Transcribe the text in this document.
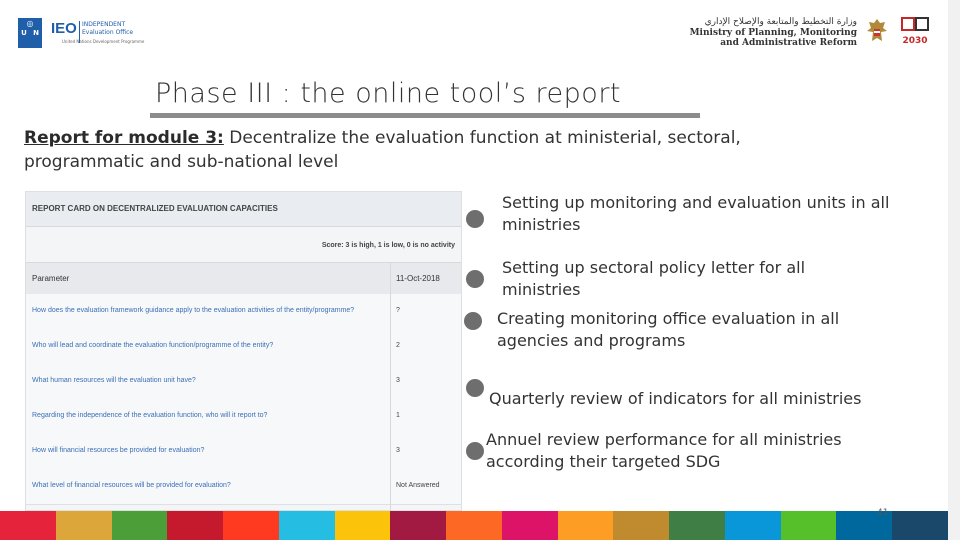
◎
U N IEO INDEPENDENT
Evaluation Office
United Nations Development Programme
وزارة التخطيط والمتابعة والإصلاح الإداري
Ministry of Planning, Monitoring
and Administrative Reform	2030
Phase III : the online tool’s report
Report for module 3: Decentralize the evaluation function at ministerial, sectoral, programmatic and sub-national level
REPORT CARD ON DECENTRALIZED EVALUATION CAPACITIES
Score: 3 is high, 1 is low, 0 is no activity
Parameter	11-Oct-2018
How does the evaluation framework guidance apply to the evaluation activities of the entity/programme?	?
Who will lead and coordinate the evaluation function/programme of the entity?	2
What human resources will the evaluation unit have?	3
Regarding the independence of the evaluation function, who will it report to?	1
How will financial resources be provided for evaluation?	3
What level of financial resources will be provided for evaluation?	Not Answered
Setting up monitoring and evaluation units in all ministries
Setting up sectoral policy letter for all ministries
Creating monitoring office evaluation in all agencies and programs
Quarterly review of indicators for all ministries
Annuel review performance for all ministries according their targeted SDG
41
